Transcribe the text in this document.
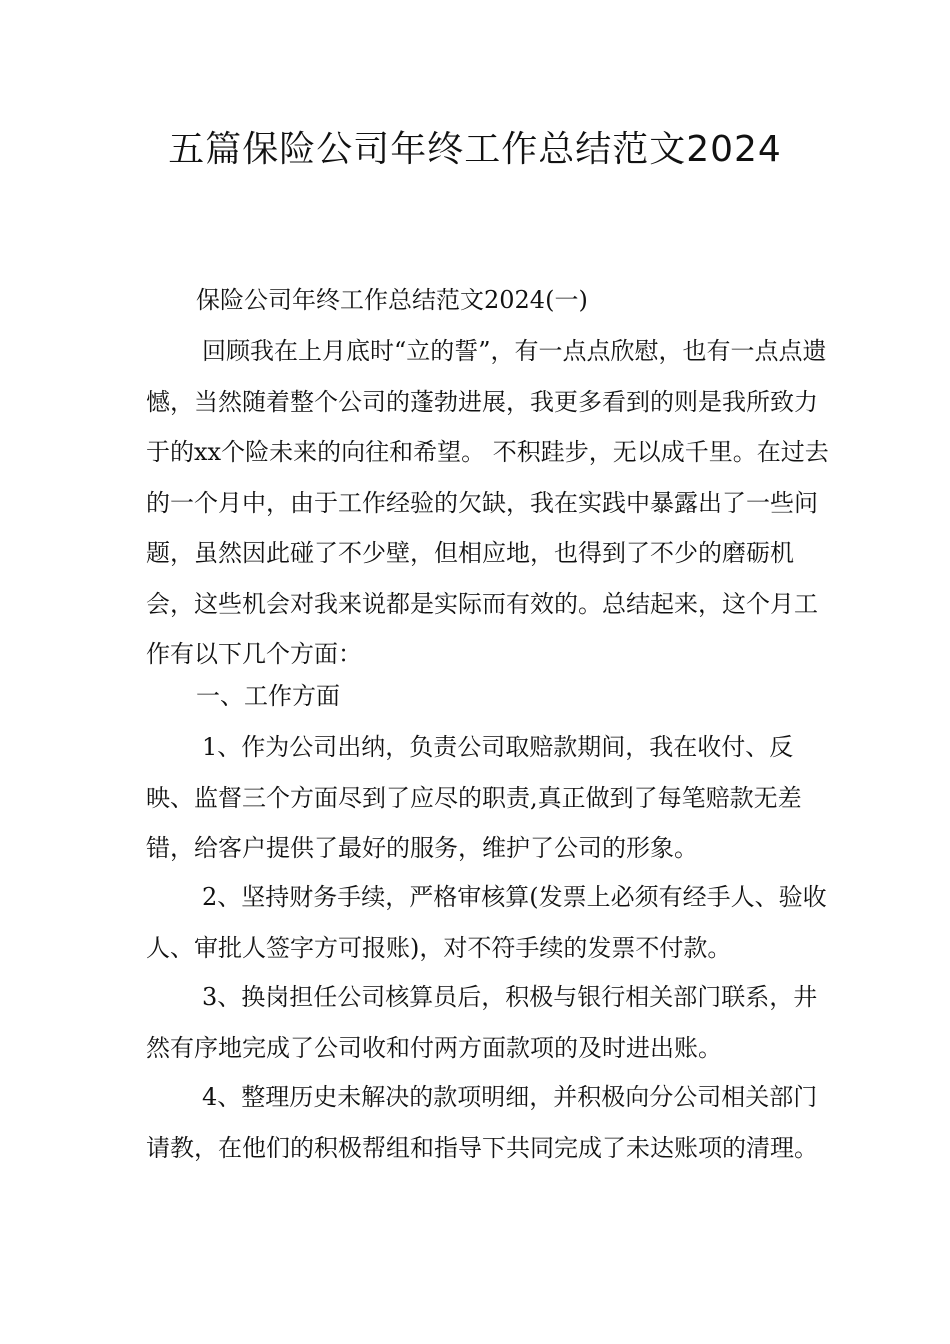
五篇保险公司年终工作总结范文2024

保险公司年终工作总结范文2024(一)

回顾我在上月底时“立的誓”，有一点点欣慰，也有一点点遗憾，当然随着整个公司的蓬勃进展，我更多看到的则是我所致力于的xx个险未来的向往和希望。 不积跬步，无以成千里。在过去的一个月中，由于工作经验的欠缺，我在实践中暴露出了一些问题，虽然因此碰了不少壁，但相应地，也得到了不少的磨砺机会，这些机会对我来说都是实际而有效的。总结起来，这个月工作有以下几个方面：

一、工作方面

1、作为公司出纳，负责公司取赔款期间，我在收付、反映、监督三个方面尽到了应尽的职责,真正做到了每笔赔款无差错，给客户提供了最好的服务，维护了公司的形象。

2、坚持财务手续，严格审核算(发票上必须有经手人、验收人、审批人签字方可报账)，对不符手续的发票不付款。

3、换岗担任公司核算员后，积极与银行相关部门联系，井然有序地完成了公司收和付两方面款项的及时进出账。

4、整理历史未解决的款项明细，并积极向分公司相关部门请教，在他们的积极帮组和指导下共同完成了未达账项的清理。
